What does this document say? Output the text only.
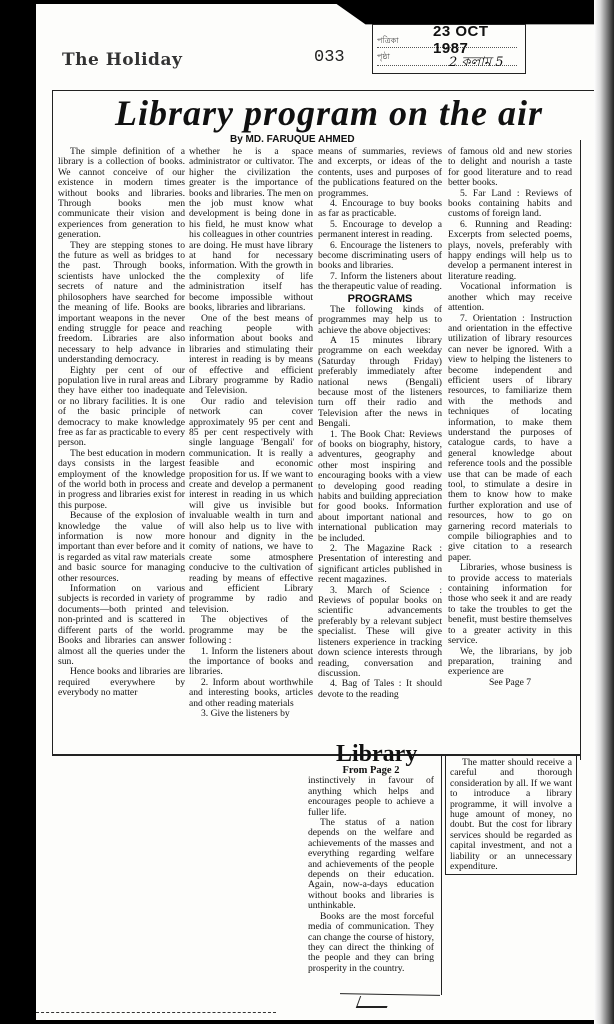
The Holiday	033
পত্রিকা
23 OCT 1987
পৃষ্ঠা	2 কলাম 5
Library program on the air
By MD. FARUQUE AHMED

The simple definition of a library is a collection of books. We cannot conceive of our existence in modern times without books and libraries. Through books men communicate their vision and experiences from generation to generation.

They are stepping stones to the future as well as bridges to the past. Through books, scientists have unlocked the secrets of nature and the philosophers have searched for the meaning of life. Books are important weapons in the never ending struggle for peace and freedom. Libraries are also necessary to help advance in understanding democracy.

Eighty per cent of our population live in rural areas and they have either too inadequate or no library facilities. It is one of the basic principle of democracy to make knowledge free as far as practicable to every person.

The best education in modern days consists in the largest employment of the knowledge of the world both in process and in progress and libraries exist for this purpose.

Because of the explosion of knowledge the value of information is now more important than ever before and it is regarded as vital raw materials and basic source for managing other resources.

Information on various subjects is recorded in variety of documents—both printed and non-printed and is scattered in different parts of the world. Books and libraries can answer almost all the queries under the sun.

Hence books and libraries are required everywhere by everybody no matter

whether he is a space administrator or cultivator. The higher the civilization the greater is the importance of books and libraries. The men on the job must know what development is being done in his field, he must know what his colleagues in other countries are doing. He must have library at hand for necessary information. With the growth in the complexity of life administration itself has become impossible without books, libraries and librarians.

One of the best means of reaching people with information about books and libraries and stimulating their interest in reading is by means of effective and efficient Library programme by Radio and Television.

Our radio and television network can cover approximately 95 per cent and 85 per cent respectively with single language 'Bengali' for communication. It is really a feasible and economic proposition for us. If we want to create and develop a permanent interest in reading in us which will give us invisible but invaluable wealth in turn and will also help us to live with honour and dignity in the comity of nations, we have to create some atmosphere conducive to the cultivation of reading by means of effective and efficient Library programme by radio and television.

The objectives of the programme may be the following :

1. Inform the listeners about the importance of books and libraries.

2. Inform about worthwhile and interesting books, articles and other reading materials

3. Give the listeners by

means of summaries, reviews and excerpts, or ideas of the contents, uses and purposes of the publications featured on the programmes.

4. Encourage to buy books as far as practicable.

5. Encourage to develop a permanent interest in reading.

6. Encourage the listeners to become discriminating users of books and libraries.

7. Inform the listeners about the therapeutic value of reading.

PROGRAMS

The following kinds of programmes may help us to achieve the above objectives:

A 15 minutes library programme on each weekday (Saturday through Friday) preferably immediately after national news (Bengali) because most of the listeners turn off their radio and Television after the news in Bengali.

1. The Book Chat: Reviews of books on biography, history, adventures, geography and other most inspiring and encouraging books with a view to developing good reading habits and building appreciation for good books. Information about important national and international publication may be included.

2. The Magazine Rack : Presentation of interesting and significant articles published in recent magazines.

3. March of Science : Reviews of popular books on scientific advancements preferably by a relevant subject specialist. These will give listeners experience in tracking down science interests through reading, conversation and discussion.

4. Bag of Tales : It should devote to the reading

of famous old and new stories to delight and nourish a taste for good literature and to read better books.

5. Far Land : Reviews of books containing habits and customs of foreign land.

6. Running and Reading: Excerpts from selected poems, plays, novels, preferably with happy endings will help us to develop a permanent interest in literature reading.

Vocational information is another which may receive attention.

7. Orientation : Instruction and orientation in the effective utilization of library resources can never be ignored. With a view to helping the listeners to become independent and efficient users of library resources, to familiarize them with the methods and techniques of locating information, to make them understand the purposes of catalogue cards, to have a general knowledge about reference tools and the possible use that can be made of each tool, to stimulate a desire in them to know how to make further exploration and use of resources, how to go on garnering record materials to compile biliographies and to give citation to a research paper.

Libraries, whose business is to provide access to materials containing information for those who seek it and are ready to take the troubles to get the benefit, must bestire themselves to a greater activity in this service.

We, the librarians, by job preparation, training and experience are

See Page 7

Library

From Page 2

instinctively in favour of anything which helps and encourages people to achieve a fuller life.

The status of a nation depends on the welfare and achievements of the masses and everything regarding welfare and achievements of the people depends on their education. Again, now-a-days education without books and libraries is unthinkable.

Books are the most forceful media of communication. They can change the course of history, they can direct the thinking of the people and they can bring prosperity in the country.

The matter should receive a careful and thorough consideration by all. If we want to introduce a library programme, it will involve a huge amount of money, no doubt. But the cost for library services should be regarded as capital investment, and not a liability or an unnecessary expenditure.
